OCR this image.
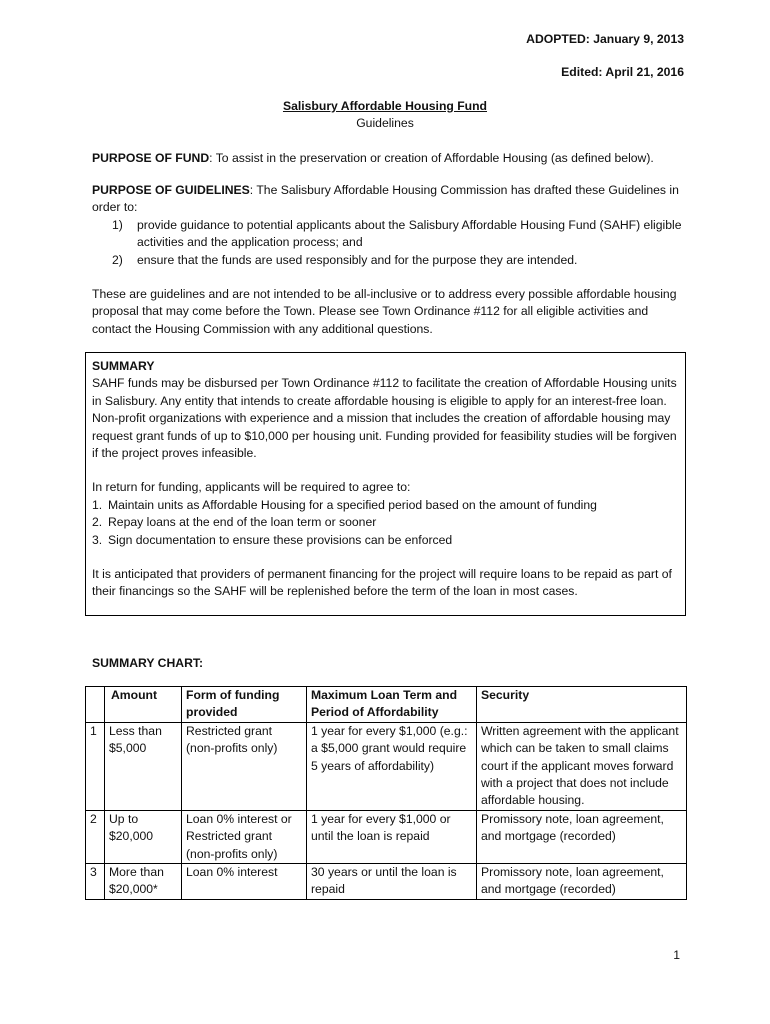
ADOPTED: January 9, 2013
Edited: April 21, 2016
Salisbury Affordable Housing Fund
Guidelines
PURPOSE OF FUND: To assist in the preservation or creation of Affordable Housing (as defined below).
PURPOSE OF GUIDELINES: The Salisbury Affordable Housing Commission has drafted these Guidelines in order to:
1) provide guidance to potential applicants about the Salisbury Affordable Housing Fund (SAHF) eligible activities and the application process; and
2) ensure that the funds are used responsibly and for the purpose they are intended.
These are guidelines and are not intended to be all-inclusive or to address every possible affordable housing proposal that may come before the Town. Please see Town Ordinance #112 for all eligible activities and contact the Housing Commission with any additional questions.

SUMMARY

SAHF funds may be disbursed per Town Ordinance #112 to facilitate the creation of Affordable Housing units in Salisbury. Any entity that intends to create affordable housing is eligible to apply for an interest-free loan. Non-profit organizations with experience and a mission that includes the creation of affordable housing may request grant funds of up to $10,000 per housing unit. Funding provided for feasibility studies will be forgiven if the project proves infeasible.

In return for funding, applicants will be required to agree to:

1. Maintain units as Affordable Housing for a specified period based on the amount of funding
2. Repay loans at the end of the loan term or sooner
3. Sign documentation to ensure these provisions can be enforced

It is anticipated that providers of permanent financing for the project will require loans to be repaid as part of their financings so the SAHF will be replenished before the term of the loan in most cases.

SUMMARY CHART:
	Amount	Form of funding provided	Maximum Loan Term and Period of Affordability	Security
1	Less than $5,000	Restricted grant (non-profits only)	1 year for every $1,000 (e.g.: a $5,000 grant would require 5 years of affordability)	Written agreement with the applicant which can be taken to small claims court if the applicant moves forward with a project that does not include affordable housing.
2	Up to $20,000	Loan 0% interest or Restricted grant (non-profits only)	1 year for every $1,000 or until the loan is repaid	Promissory note, loan agreement, and mortgage (recorded)
3	More than $20,000*	Loan 0% interest	30 years or until the loan is repaid	Promissory note, loan agreement, and mortgage (recorded)
1
